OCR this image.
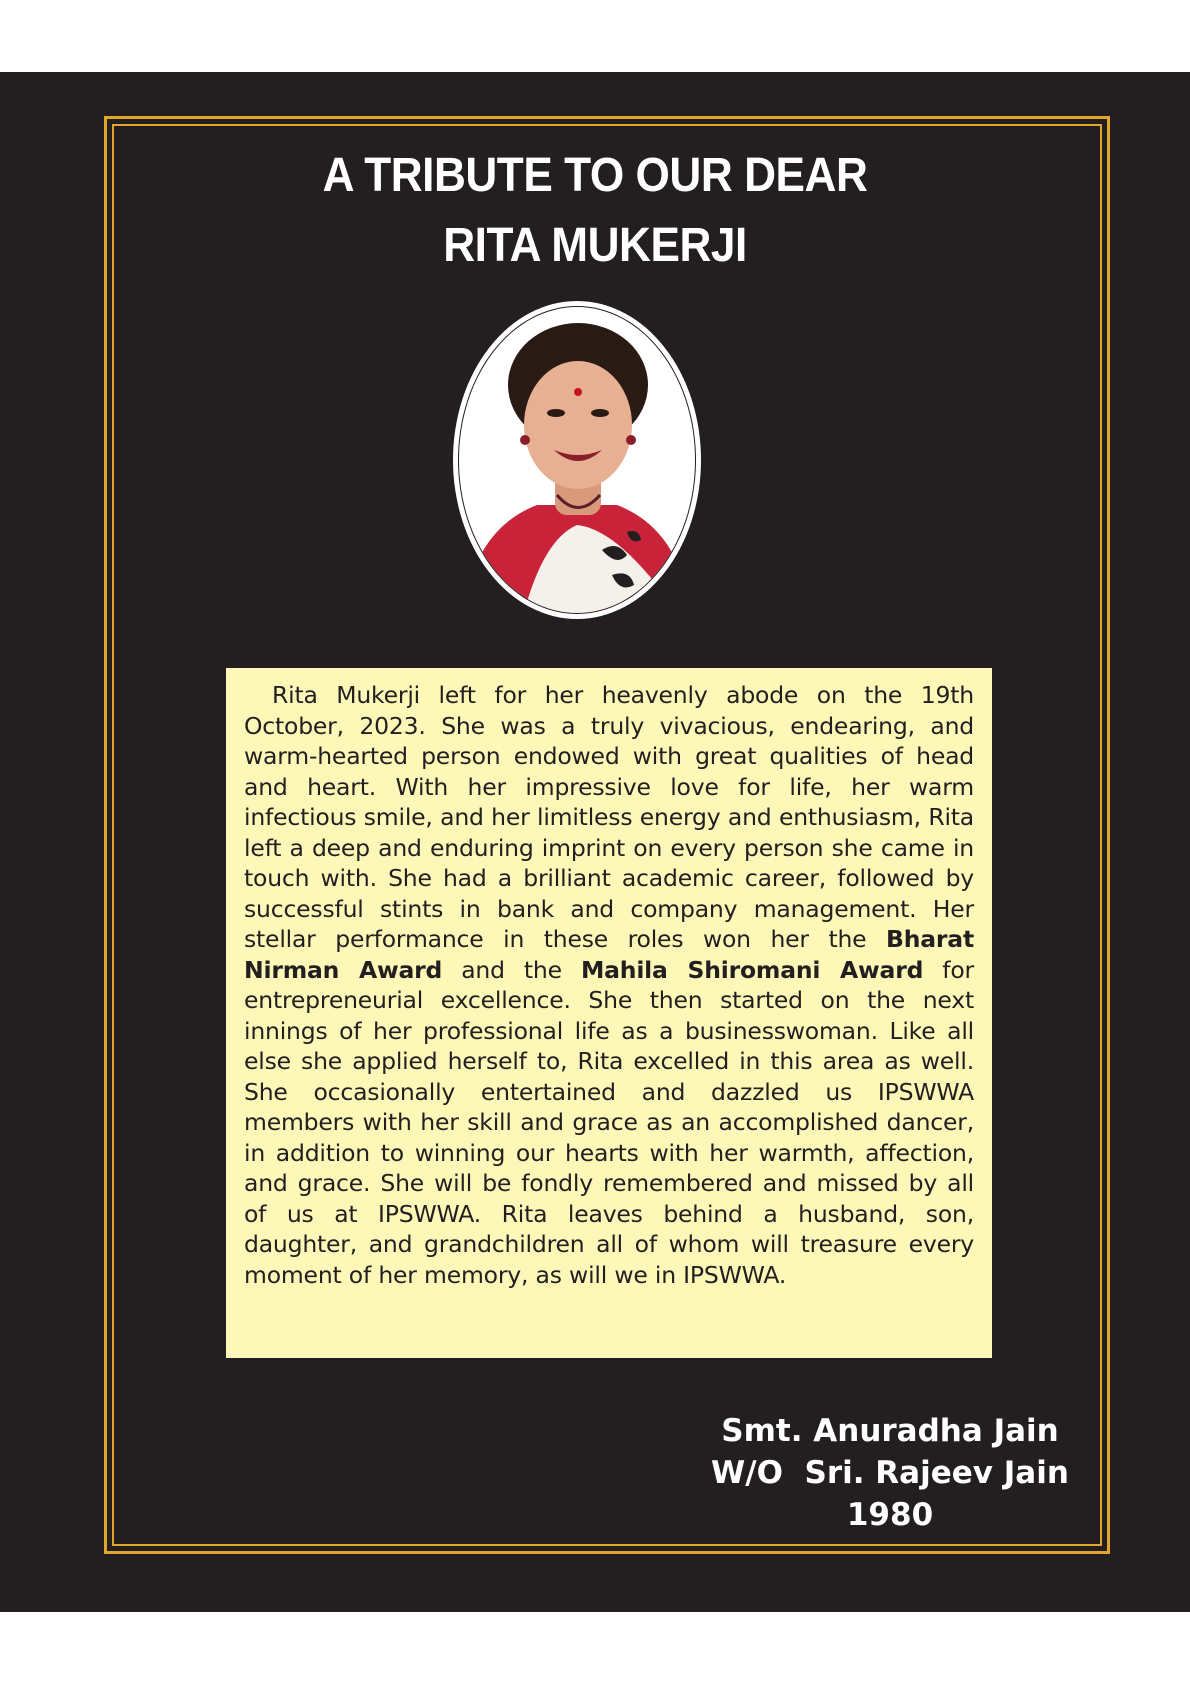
A TRIBUTE TO OUR DEAR
RITA MUKERJI

Rita Mukerji left for her heavenly abode on the 19th October, 2023. She was a truly vivacious, endearing, and warm-hearted person endowed with great qualities of head and heart. With her impressive love for life, her warm infectious smile, and her limitless energy and enthusiasm, Rita left a deep and enduring imprint on every person she came in touch with. She had a brilliant academic career, followed by successful stints in bank and company management. Her stellar performance in these roles won her the Bharat Nirman Award and the Mahila Shiromani Award for entrepreneurial excellence. She then started on the next innings of her professional life as a businesswoman. Like all else she applied herself to, Rita excelled in this area as well. She occasionally entertained and dazzled us IPSWWA members with her skill and grace as an accomplished dancer, in addition to winning our hearts with her warmth, affection, and grace. She will be fondly remembered and missed by all of us at IPSWWA. Rita leaves behind a husband, son, daughter, and grandchildren all of whom will treasure every moment of her memory, as will we in IPSWWA.

Smt. Anuradha Jain
W/O  Sri. Rajeev Jain
1980
